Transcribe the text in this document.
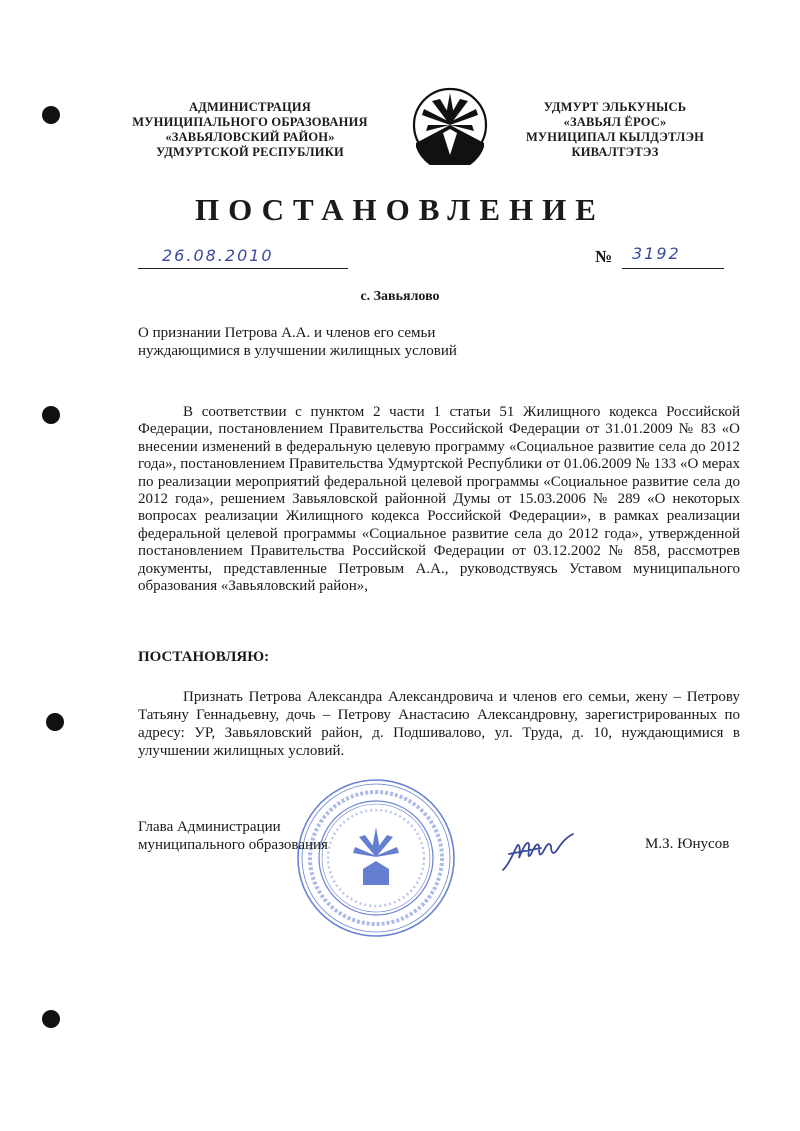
АДМИНИСТРАЦИЯ
МУНИЦИПАЛЬНОГО ОБРАЗОВАНИЯ
«ЗАВЬЯЛОВСКИЙ РАЙОН»
УДМУРТСКОЙ РЕСПУБЛИКИ
УДМУРТ ЭЛЬКУНЫСЬ
«ЗАВЬЯЛ ЁРОС»
МУНИЦИПАЛ КЫЛДЭТЛЭН
КИВАЛТЭТЭЗ
ПОСТАНОВЛЕНИЕ
26.08.2010	№ 3192
с. Завьялово
О признании Петрова А.А. и членов его семьи
нуждающимися в улучшении жилищных условий
В соответствии с пунктом 2 части 1 статьи 51 Жилищного кодекса Российской Федерации, постановлением Правительства Российской Федерации от 31.01.2009 № 83 «О внесении изменений в федеральную целевую программу «Социальное развитие села до 2012 года», постановлением Правительства Удмуртской Республики от 01.06.2009 № 133 «О мерах по реализации мероприятий федеральной целевой программы «Социальное развитие села до 2012 года», решением Завьяловской районной Думы от 15.03.2006 № 289 «О некоторых вопросах реализации Жилищного кодекса Российской Федерации», в рамках реализации федеральной целевой программы «Социальное развитие села до 2012 года», утвержденной постановлением Правительства Российской Федерации от 03.12.2002 № 858, рассмотрев документы, представленные Петровым А.А., руководствуясь Уставом муниципального образования «Завьяловский район»,
ПОСТАНОВЛЯЮ:
Признать Петрова Александра Александровича и членов его семьи, жену – Петрову Татьяну Геннадьевну, дочь – Петрову Анастасию Александровну, зарегистрированных по адресу: УР, Завьяловский район, д. Подшивалово, ул. Труда, д. 10, нуждающимися в улучшении жилищных условий.
Глава Администрации
муниципального образования	М.З. Юнусов
